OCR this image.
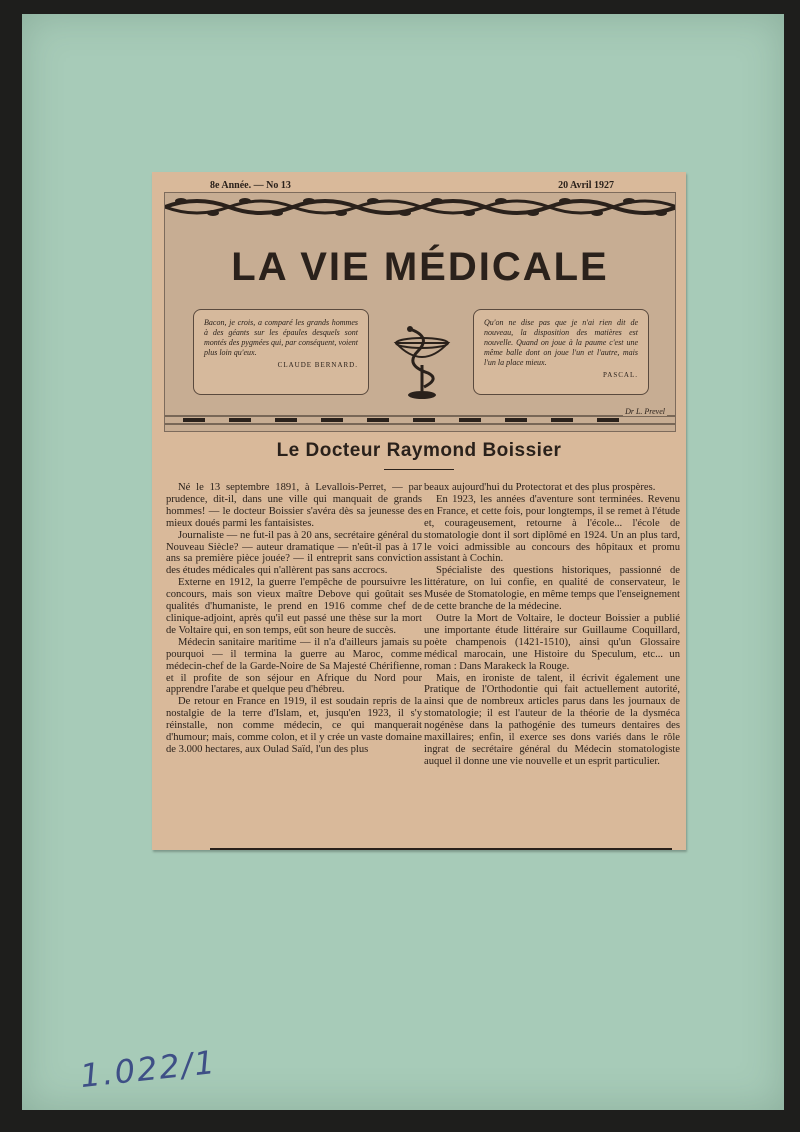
8e Année. — No 13	20 Avril 1927
LA VIE MÉDICALE
Bacon, je crois, a comparé les grands hommes à des géants sur les épaules desquels sont montés des pygmées qui, par conséquent, voient plus loin qu'eux.
CLAUDE BERNARD.
Qu'on ne dise pas que je n'ai rien dit de nouveau, la disposition des matières est nouvelle. Quand on joue à la paume c'est une même balle dont on joue l'un et l'autre, mais l'un la place mieux.
PASCAL.
Dr L. Prevel
Le Docteur Raymond Boissier

Né le 13 septembre 1891, à Levallois-Perret, — par prudence, dit-il, dans une ville qui manquait de grands hommes! — le docteur Boissier s'avéra dès sa jeunesse des mieux doués parmi les fantaisistes.

Journaliste — ne fut-il pas à 20 ans, secrétaire général du Nouveau Siècle? — auteur dramatique — n'eût-il pas à 17 ans sa première pièce jouée? — il entreprit sans conviction des études médicales qui n'allèrent pas sans accrocs.

Externe en 1912, la guerre l'empêche de poursuivre les concours, mais son vieux maître Debove qui goûtait ses qualités d'humaniste, le prend en 1916 comme chef de clinique-adjoint, après qu'il eut passé une thèse sur la mort de Voltaire qui, en son temps, eût son heure de succès.

Médecin sanitaire maritime — il n'a d'ailleurs jamais su pourquoi — il termina la guerre au Maroc, comme médecin-chef de la Garde-Noire de Sa Majesté Chérifienne, et il profite de son séjour en Afrique du Nord pour apprendre l'arabe et quelque peu d'hébreu.

De retour en France en 1919, il est soudain repris de la nostalgie de la terre d'Islam, et, jusqu'en 1923, il s'y réinstalle, non comme médecin, ce qui manquerait d'humour; mais, comme colon, et il y crée un vaste domaine de 3.000 hectares, aux Oulad Saïd, l'un des plus

beaux aujourd'hui du Protectorat et des plus prospères.

En 1923, les années d'aventure sont terminées. Revenu en France, et cette fois, pour longtemps, il se remet à l'étude et, courageusement, retourne à l'école... l'école de stomatologie dont il sort diplômé en 1924. Un an plus tard, le voici admissible au concours des hôpitaux et promu assistant à Cochin.

Spécialiste des questions historiques, passionné de littérature, on lui confie, en qualité de conservateur, le Musée de Stomatologie, en même temps que l'enseignement de cette branche de la médecine.

Outre la Mort de Voltaire, le docteur Boissier a publié une importante étude littéraire sur Guillaume Coquillard, poète champenois (1421-1510), ainsi qu'un Glossaire médical marocain, une Histoire du Speculum, etc... un roman : Dans Marakeck la Rouge.

Mais, en ironiste de talent, il écrivit également une Pratique de l'Orthodontie qui fait actuellement autorité, ainsi que de nombreux articles parus dans les journaux de stomatologie; il est l'auteur de la théorie de la dysméca nogénèse dans la pathogénie des tumeurs dentaires des maxillaires; enfin, il exerce ses dons variés dans le rôle ingrat de secrétaire général du Médecin stomatologiste auquel il donne une vie nouvelle et un esprit particulier.

1.022/1
